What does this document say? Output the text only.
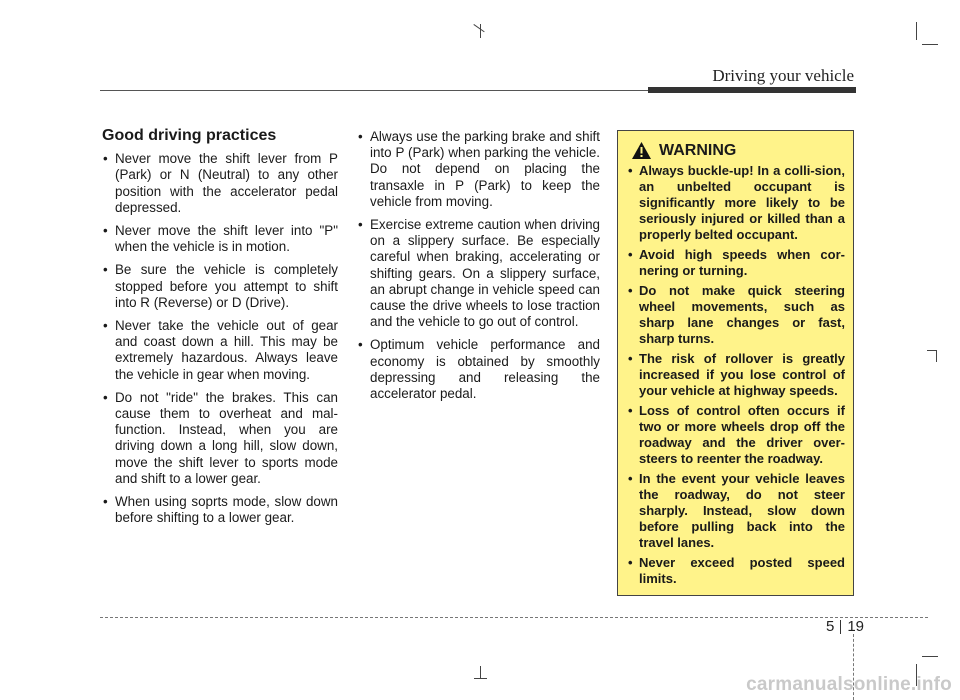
Driving your vehicle
Good driving practices
• Never move the shift lever from P (Park) or N (Neutral) to any other position with the accelerator pedal depressed.
• Never move the shift lever into "P" when the vehicle is in motion.
• Be sure the vehicle is completely stopped before you attempt to shift into R (Reverse) or D (Drive).
• Never take the vehicle out of gear and coast down a hill. This may be extremely hazardous. Always leave the vehicle in gear when moving.
• Do not "ride" the brakes. This can cause them to overheat and mal-function. Instead, when you are driving down a long hill, slow down, move the shift lever to sports mode and shift to a lower gear.
• When using soprts mode, slow down before shifting to a lower gear.
• Always use the parking brake and shift into P (Park) when parking the vehicle. Do not depend on placing the transaxle in P (Park) to keep the vehicle from moving.
• Exercise extreme caution when driving on a slippery surface. Be especially careful when braking, accelerating or shifting gears. On a slippery surface, an abrupt change in vehicle speed can cause the drive wheels to lose traction and the vehicle to go out of control.
• Optimum vehicle performance and economy is obtained by smoothly depressing and releasing the accelerator pedal.
WARNING
• Always buckle-up! In a colli-sion, an unbelted occupant is significantly more likely to be seriously injured or killed than a properly belted occupant.
• Avoid high speeds when cor-nering or turning.
• Do not make quick steering wheel movements, such as sharp lane changes or fast, sharp turns.
• The risk of rollover is greatly increased if you lose control of your vehicle at highway speeds.
• Loss of control often occurs if two or more wheels drop off the roadway and the driver over-steers to reenter the roadway.
• In the event your vehicle leaves the roadway, do not steer sharply. Instead, slow down before pulling back into the travel lanes.
• Never exceed posted speed limits.
5 19
carmanualsonline.info
